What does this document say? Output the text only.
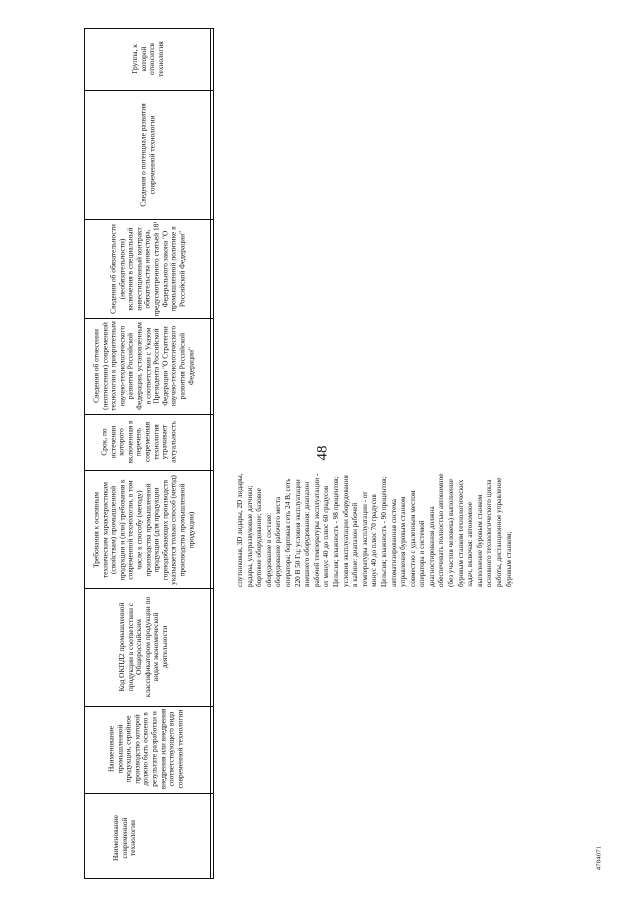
48
4784071
Наименование современной технологии
Наименование промышленной продукции, серийное производство которой должно быть освоено в результате разработки и внедрения или внедрения соответствующего вида современной технологии
Код ОКПД2 промышленной продукции в соответствии с Общероссийским классификатором продукции по видам экономической деятельности
Требования к основным техническим характеристикам (свойствам) промышленной продукции и (или) требования к современной технологии, в том числе к способу (методу) производства промышленной продукции (для продукции горнодобывающих производств указывается только способ (метод) производства промышленной продукции)
Срок, по истечении которого включенная в перечень современная технология утрачивает актуальность
Сведения об отнесении (неотнесении) современной технологии к приоритетным научно-технологического развития Российской Федерации, установленным в соответствии с Указом Президента Российской Федерации "О Стратегии научно-технологического развития Российской Федерации"
Сведения об обязательности (необязательности) включения в специальный инвестиционный контракт обязательства инвестора, предусмотренного статьей 18¹ Федерального закона "О промышленной политике в Российской Федерации"
Сведения о потенциале развития современной технологии
Группа, к которой относится технология
спутниковая, 3D лидары, 2D лидары, радары, ультразвуковые датчики; бортовое оборудование; базовое оборудование в составе: оборудование рабочего места оператора; бортовая сеть 24 В; сеть 220 В 50 Гц; условия эксплуатации внешнего оборудования: диапазон рабочей температуры эксплуатации - от минус 40 до плюс 60 градусов Цельсия; влажность - 98 процентов; условия эксплуатации оборудования в кабине: диапазон рабочей температуры эксплуатации - от минус 40 до плюс 70 градусов Цельсия; влажность - 90 процентов; автоматизированная система управления буровым станком совместно с удаленным местом оператора и системой диагностирования должна обеспечивать полностью автономное (без участия человека) выполнение буровым станком технологических задач, включая: автономное выполнение буровым станком основного технологического цикла работы, дистанционное управление буровым станком;
